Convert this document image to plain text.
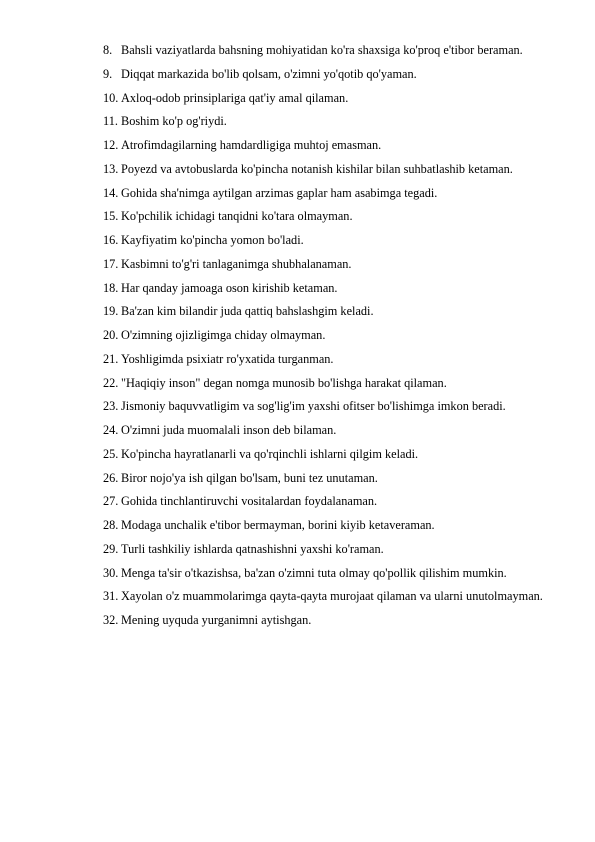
8. Bahsli vaziyatlarda bahsning mohiyatidan ko'ra shaxsiga ko'proq e'tibor beraman.
9. Diqqat markazida bo'lib qolsam, o'zimni yo'qotib qo'yaman.
10. Axloq-odob prinsiplariga qat'iy amal qilaman.
11. Boshim ko'p og'riydi.
12. Atrofimdagilarning hamdardligiga muhtoj emasman.
13. Poyezd va avtobuslarda ko'pincha notanish kishilar bilan suhbatlashib ketaman.
14. Gohida sha'nimga aytilgan arzimas gaplar ham asabimga tegadi.
15. Ko'pchilik ichidagi tanqidni ko'tara olmayman.
16. Kayfiyatim ko'pincha yomon bo'ladi.
17. Kasbimni to'g'ri tanlaganimga shubhalanaman.
18. Har qanday jamoaga oson kirishib ketaman.
19. Ba'zan kim bilandir juda qattiq bahslashgim keladi.
20. O'zimning ojizligimga chiday olmayman.
21. Yoshligimda psixiatr ro'yxatida turganman.
22. "Haqiqiy inson" degan nomga munosib bo'lishga harakat qilaman.
23. Jismoniy baquvvatligim va sog'lig'im yaxshi ofitser bo'lishimga imkon beradi.
24. O'zimni juda muomalali inson deb bilaman.
25. Ko'pincha hayratlanarli va qo'rqinchli ishlarni qilgim keladi.
26. Biror nojo'ya ish qilgan bo'lsam, buni tez unutaman.
27. Gohida tinchlantiruvchi vositalardan foydalanaman.
28. Modaga unchalik e'tibor bermayman, borini kiyib ketaveraman.
29. Turli tashkiliy ishlarda qatnashishni yaxshi ko'raman.
30. Menga ta'sir o'tkazishsa, ba'zan o'zimni tuta olmay qo'pollik qilishim mumkin.
31. Xayolan o'z muammolarimga qayta-qayta murojaat qilaman va ularni unutolmayman.
32. Mening uyquda yurganimni aytishgan.
